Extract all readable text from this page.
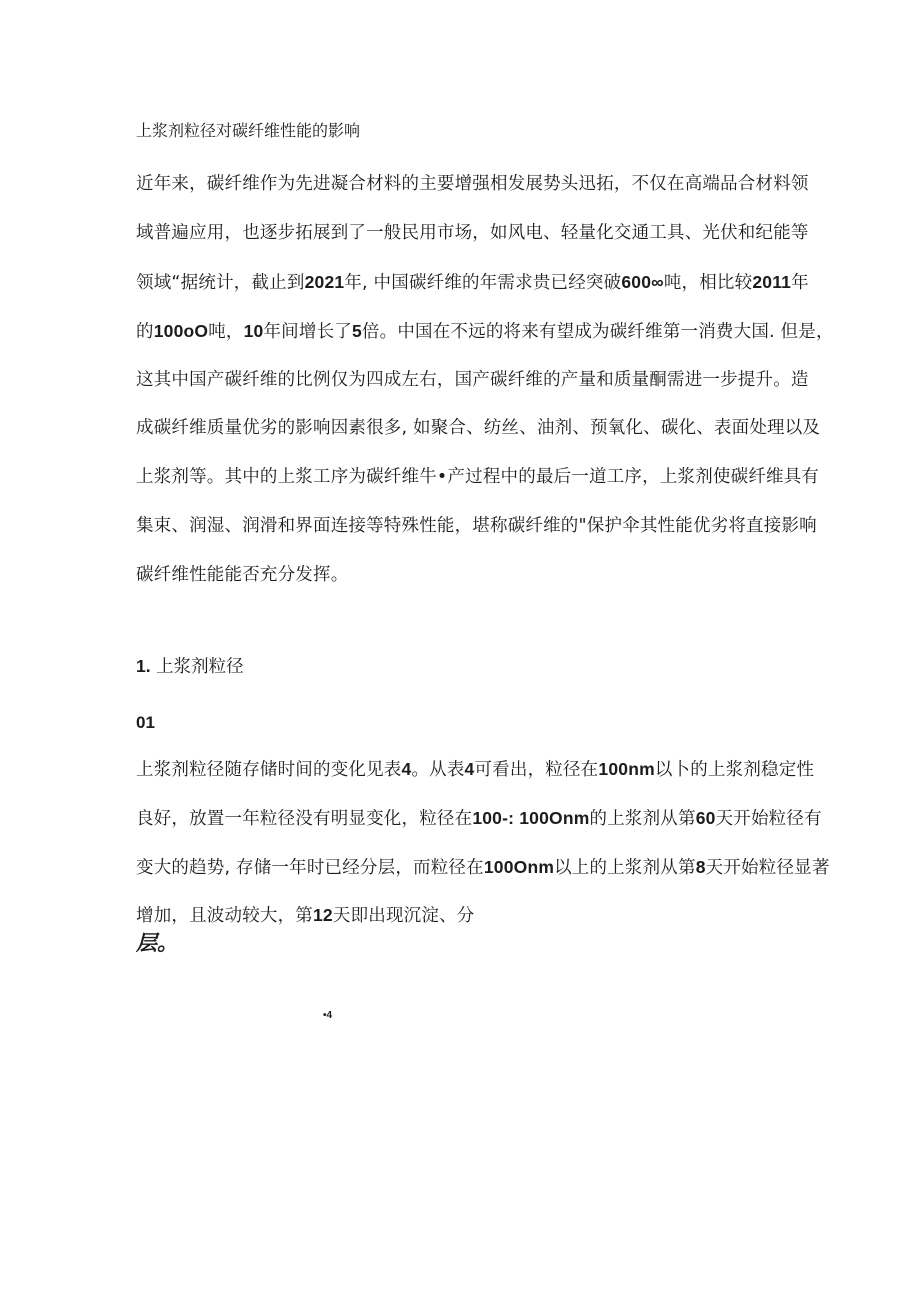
上浆剂粒径对碳纤维性能的影响
近年来，碳纤维作为先进凝合材料的主要增强相发展势头迅拓，不仅在高端品合材料领
域普遍应用，也逐步拓展到了一般民用市场，如风电、轻量化交通工具、光伏和纪能等
领域“据统计，截止到2021年, 中国碳纤维的年需求贵已经突破600∞吨，相比较2011年
的100oO吨，10年间增长了5倍。中国在不远的将来有望成为碳纤维第一消费大国. 但是，
这其中国产碳纤维的比例仅为四成左右，国产碳纤维的产量和质量酮需进一步提升。造
成碳纤维质量优劣的影响因素很多, 如聚合、纺丝、油剂、预氧化、碳化、表面处理以及
上浆剂等。其中的上浆工序为碳纤维牛•产过程中的最后一道工序，上浆剂使碳纤维具有
集束、润湿、润滑和界面连接等特殊性能，堪称碳纤维的"保护伞其性能优劣将直接影响
碳纤维性能能否充分发挥。
1. 上浆剂粒径
01
上浆剂粒径随存储时间的变化见表4。从表4可看出，粒径在100nm以卜的上浆剂稳定性
良好，放置一年粒径没有明显变化，粒径在100-: 100Onm的上浆剂从第60天开始粒径有
变大的趋势, 存储一年时已经分层，而粒径在100Onm以上的上浆剂从第8天开始粒径显著
增加，且波动较大，第12天即出现沉淀、分
层。
•4
